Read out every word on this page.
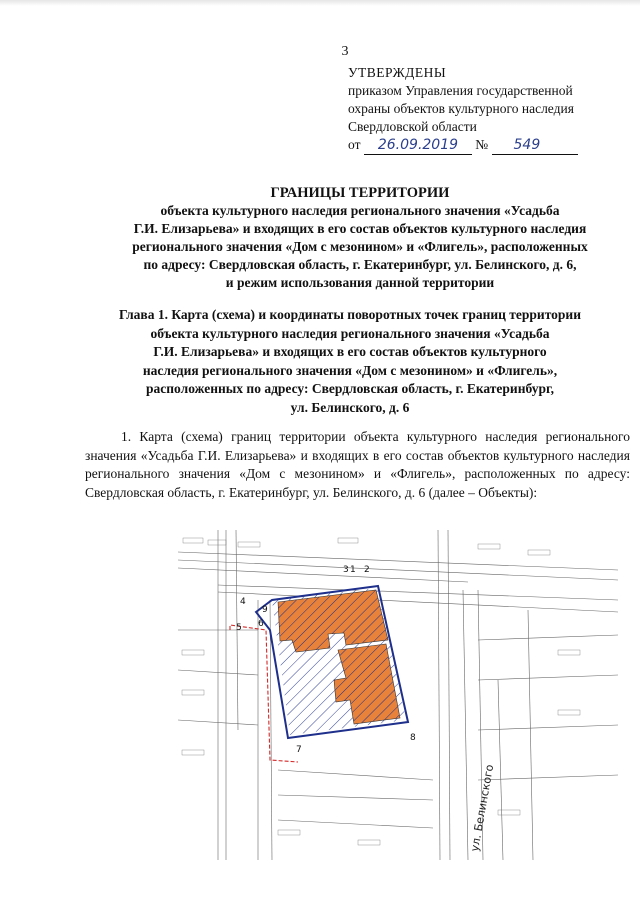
3
УТВЕРЖДЕНЫ
приказом Управления государственной
охраны объектов культурного наследия
Свердловской области
от 26.09.2019 № 549
ГРАНИЦЫ ТЕРРИТОРИИ
объекта культурного наследия регионального значения «Усадьба
Г.И. Елизарьева» и входящих в его состав объектов культурного наследия
регионального значения «Дом с мезонином» и «Флигель», расположенных
по адресу: Свердловская область, г. Екатеринбург, ул. Белинского, д. 6,
и режим использования данной территории
Глава 1. Карта (схема) и координаты поворотных точек границ территории
объекта культурного наследия регионального значения «Усадьба
Г.И. Елизарьева» и входящих в его состав объектов культурного
наследия регионального значения «Дом с мезонином» и «Флигель»,
расположенных по адресу: Свердловская область, г. Екатеринбург,
ул. Белинского, д. 6
1. Карта (схема) границ территории объекта культурного наследия регионального значения «Усадьба Г.И. Елизарьева» и входящих в его состав объектов культурного наследия регионального значения «Дом с мезонином» и «Флигель», расположенных по адресу: Свердловская область, г. Екатеринбург, ул. Белинского, д. 6 (далее – Объекты):
1 2
3
4
5 6
7
8
9
ул. Белинского
